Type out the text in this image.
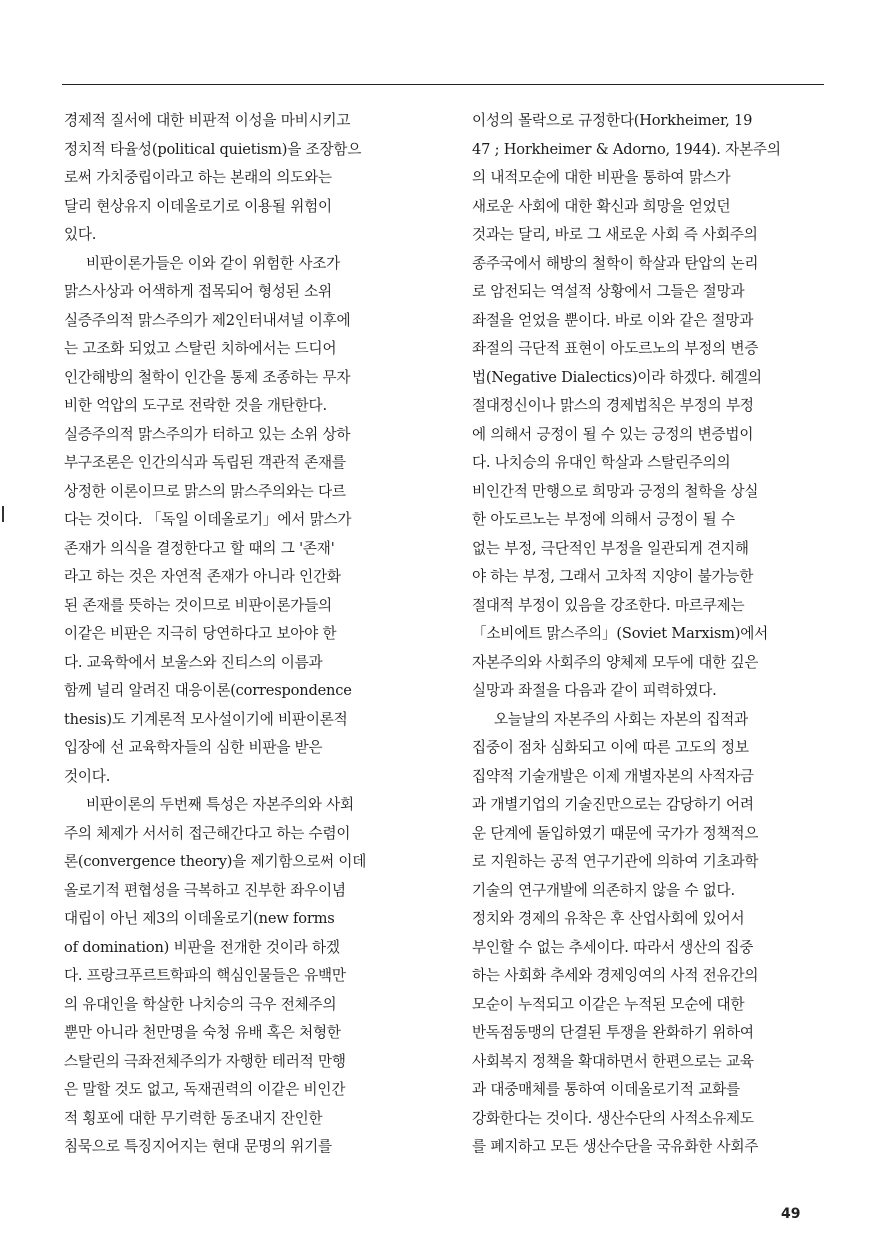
경제적 질서에 대한 비판적 이성을 마비시키고
정치적 타율성(political quietism)을 조장함으
로써 가치중립이라고 하는 본래의 의도와는
달리 현상유지 이데올로기로 이용될 위험이
있다.
비판이론가들은 이와 같이 위험한 사조가
맑스사상과 어색하게 접목되어 형성된 소위
실증주의적 맑스주의가 제2인터내셔널 이후에
는 고조화 되었고 스탈린 치하에서는 드디어
인간해방의 철학이 인간을 통제 조종하는 무자
비한 억압의 도구로 전락한 것을 개탄한다.
실증주의적 맑스주의가 터하고 있는 소위 상하
부구조론은 인간의식과 독립된 객관적 존재를
상정한 이론이므로 맑스의 맑스주의와는 다르
다는 것이다. 「독일 이데올로기」에서 맑스가
존재가 의식을 결정한다고 할 때의 그 '존재'
라고 하는 것은 자연적 존재가 아니라 인간화
된 존재를 뜻하는 것이므로 비판이론가들의
이같은 비판은 지극히 당연하다고 보아야 한
다. 교육학에서 보울스와 진티스의 이름과
함께 널리 알려진 대응이론(correspondence
thesis)도 기계론적 모사설이기에 비판이론적
입장에 선 교육학자들의 심한 비판을 받은
것이다.
비판이론의 두번째 특성은 자본주의와 사회
주의 체제가 서서히 접근해간다고 하는 수렴이
론(convergence theory)을 제기함으로써 이데
올로기적 편협성을 극복하고 진부한 좌우이념
대립이 아닌 제3의 이데올로기(new forms
of domination) 비판을 전개한 것이라 하겠
다. 프랑크푸르트학파의 핵심인물들은 유백만
의 유대인을 학살한 나치승의 극우 전체주의
뿐만 아니라 천만명을 숙청 유배 혹은 처형한
스탈린의 극좌전체주의가 자행한 테러적 만행
은 말할 것도 없고, 독재권력의 이같은 비인간
적 횡포에 대한 무기력한 동조내지 잔인한
침묵으로 특징지어지는 현대 문명의 위기를
이성의 몰락으로 규정한다(Horkheimer, 19
47 ; Horkheimer & Adorno, 1944). 자본주의
의 내적모순에 대한 비판을 통하여 맑스가
새로운 사회에 대한 확신과 희망을 얻었던
것과는 달리, 바로 그 새로운 사회 즉 사회주의
종주국에서 해방의 철학이 학살과 탄압의 논리
로 암전되는 역설적 상황에서 그들은 절망과
좌절을 얻었을 뿐이다. 바로 이와 같은 절망과
좌절의 극단적 표현이 아도르노의 부정의 변증
법(Negative Dialectics)이라 하겠다. 헤겔의
절대정신이나 맑스의 경제법칙은 부정의 부정
에 의해서 긍정이 될 수 있는 긍정의 변증법이
다. 나치승의 유대인 학살과 스탈린주의의
비인간적 만행으로 희망과 긍정의 철학을 상실
한 아도르노는 부정에 의해서 긍정이 될 수
없는 부정, 극단적인 부정을 일관되게 견지해
야 하는 부정, 그래서 고차적 지양이 불가능한
절대적 부정이 있음을 강조한다. 마르쿠제는
「소비에트 맑스주의」(Soviet Marxism)에서
자본주의와 사회주의 양체제 모두에 대한 깊은
실망과 좌절을 다음과 같이 피력하였다.
오늘날의 자본주의 사회는 자본의 집적과
집중이 점차 심화되고 이에 따른 고도의 정보
집약적 기술개발은 이제 개별자본의 사적자금
과 개별기업의 기술진만으로는 감당하기 어려
운 단계에 돌입하였기 때문에 국가가 정책적으
로 지원하는 공적 연구기관에 의하여 기초과학
기술의 연구개발에 의존하지 않을 수 없다.
정치와 경제의 유착은 후 산업사회에 있어서
부인할 수 없는 추세이다. 따라서 생산의 집중
하는 사회화 추세와 경제잉여의 사적 전유간의
모순이 누적되고 이같은 누적된 모순에 대한
반독점동맹의 단결된 투쟁을 완화하기 위하여
사회복지 정책을 확대하면서 한편으로는 교육
과 대중매체를 통하여 이데올로기적 교화를
강화한다는 것이다. 생산수단의 사적소유제도
를 폐지하고 모든 생산수단을 국유화한 사회주
49
